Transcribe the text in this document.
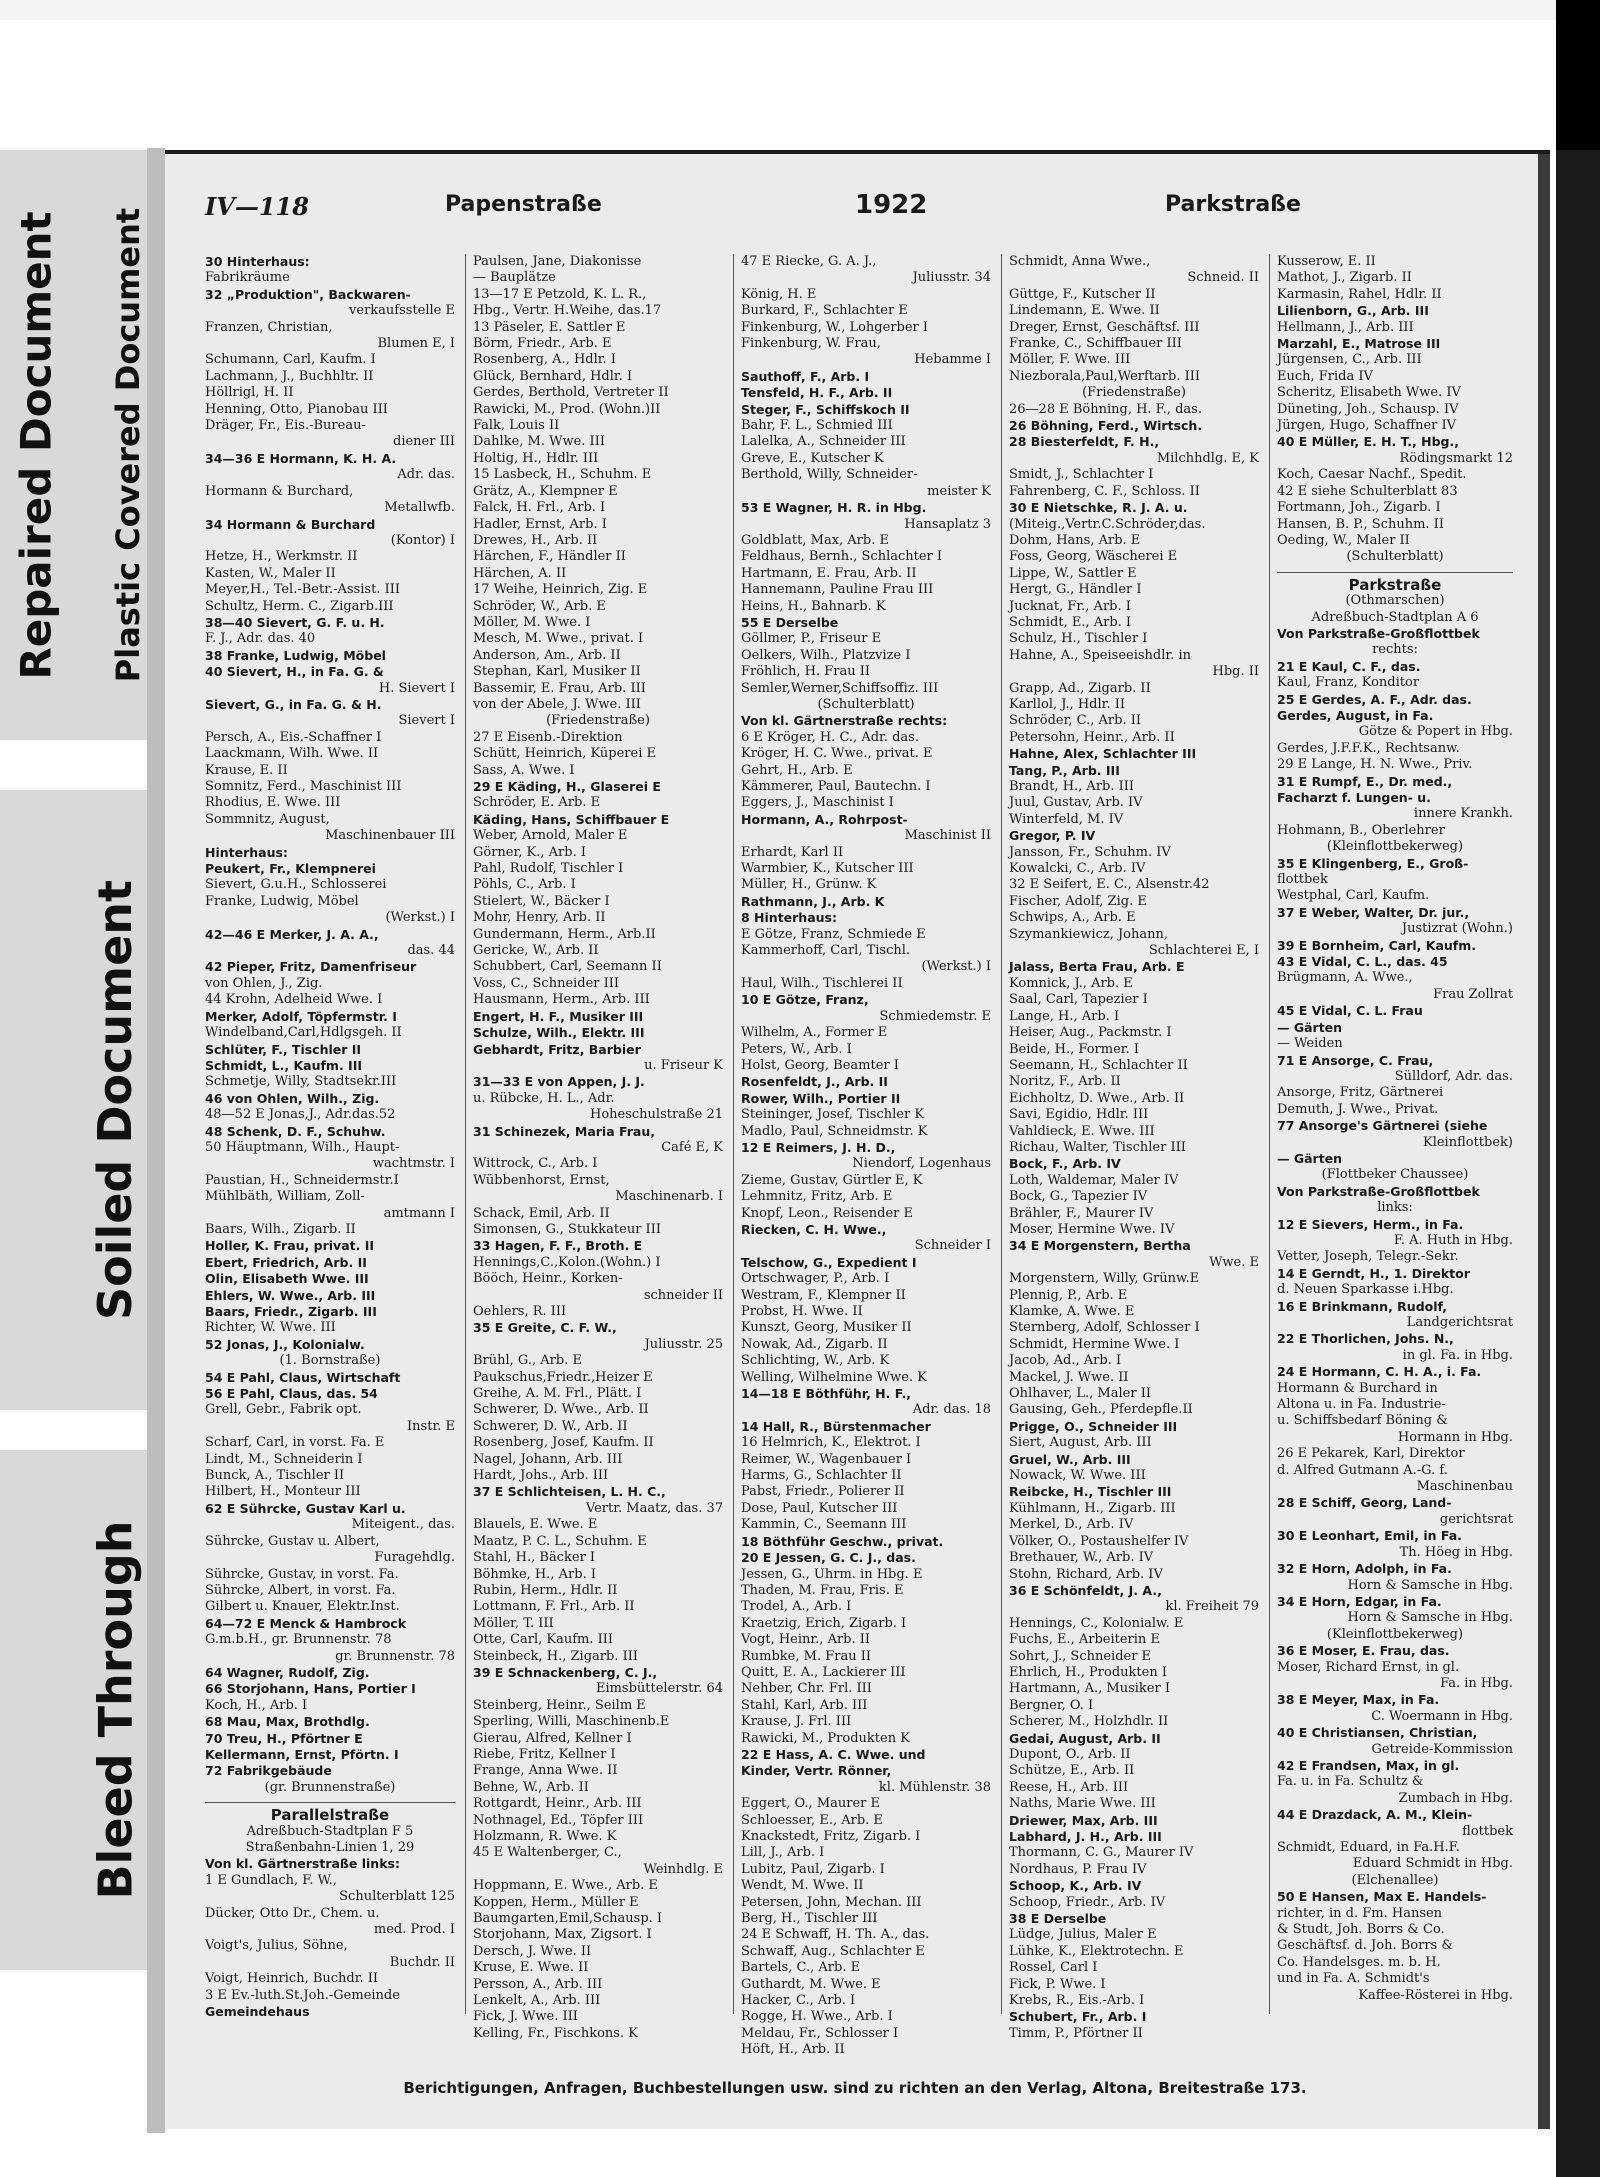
Repaired Document Plastic Covered Document
Soiled Document
Bleed Through
IV—118	Papenstraße	1922	Parkstraße
30 Hinterhaus:
Fabrikräume
32 „Produktion", Backwaren-
verkaufsstelle E
Franzen, Christian,
Blumen E, I
Schumann, Carl, Kaufm. I
Lachmann, J., Buchhltr. II
Höllrigl, H. II
Henning, Otto, Pianobau III
Dräger, Fr., Eis.-Bureau-
diener III
34—36 E Hormann, K. H. A.
Adr. das.
Hormann & Burchard,
Metallwfb.
34 Hormann & Burchard
(Kontor) I
Hetze, H., Werkmstr. II
Kasten, W., Maler II
Meyer,H., Tel.-Betr.-Assist. III
Schultz, Herm. C., Zigarb.III
38—40 Sievert, G. F. u. H.
F. J., Adr. das. 40
38 Franke, Ludwig, Möbel
40 Sievert, H., in Fa. G. &
H. Sievert I
Sievert, G., in Fa. G. & H.
Sievert I
Persch, A., Eis.-Schaffner I
Laackmann, Wilh. Wwe. II
Krause, E. II
Somnitz, Ferd., Maschinist III
Rhodius, E. Wwe. III
Sommnitz, August,
Maschinenbauer III
Hinterhaus:
Peukert, Fr., Klempnerei
Sievert, G.u.H., Schlosserei
Franke, Ludwig, Möbel
(Werkst.) I
42—46 E Merker, J. A. A.,
das. 44
42 Pieper, Fritz, Damenfriseur
von Ohlen, J., Zig.
44 Krohn, Adelheid Wwe. I
Merker, Adolf, Töpfermstr. I
Windelband,Carl,Hdlgsgeh. II
Schlüter, F., Tischler II
Schmidt, L., Kaufm. III
Schmetje, Willy, Stadtsekr.III
46 von Ohlen, Wilh., Zig.
48—52 E Jonas,J., Adr.das.52
48 Schenk, D. F., Schuhw.
50 Häuptmann, Wilh., Haupt-
wachtmstr. I
Paustian, H., Schneidermstr.I
Mühlbäth, William, Zoll-
amtmann I
Baars, Wilh., Zigarb. II
Holler, K. Frau, privat. II
Ebert, Friedrich, Arb. II
Olin, Elisabeth Wwe. III
Ehlers, W. Wwe., Arb. III
Baars, Friedr., Zigarb. III
Richter, W. Wwe. III
52 Jonas, J., Kolonialw.
(1. Bornstraße)
54 E Pahl, Claus, Wirtschaft
56 E Pahl, Claus, das. 54
Grell, Gebr., Fabrik opt.
Instr. E
Scharf, Carl, in vorst. Fa. E
Lindt, M., Schneiderin I
Bunck, A., Tischler II
Hilbert, H., Monteur III
62 E Sührcke, Gustav Karl u.
Miteigent., das.
Sührcke, Gustav u. Albert,
Furagehdlg.
Sührcke, Gustav, in vorst. Fa.
Sührcke, Albert, in vorst. Fa.
Gilbert u. Knauer, Elektr.Inst.
64—72 E Menck & Hambrock
G.m.b.H., gr. Brunnenstr. 78
gr. Brunnenstr. 78
64 Wagner, Rudolf, Zig.
66 Storjohann, Hans, Portier I
Koch, H., Arb. I
68 Mau, Max, Brothdlg.
70 Treu, H., Pförtner E
Kellermann, Ernst, Pförtn. I
72 Fabrikgebäude
(gr. Brunnenstraße)
Parallelstraße
Adreßbuch-Stadtplan F 5
Straßenbahn-Linien 1, 29
Von kl. Gärtnerstraße links:
1 E Gundlach, F. W.,
Schulterblatt 125
Dücker, Otto Dr., Chem. u.
med. Prod. I
Voigt's, Julius, Söhne,
Buchdr. II
Voigt, Heinrich, Buchdr. II
3 E Ev.-luth.St.Joh.-Gemeinde
Gemeindehaus
Paulsen, Jane, Diakonisse
— Bauplätze
13—17 E Petzold, K. L. R.,
Hbg., Vertr. H.Weihe, das.17
13 Päseler, E. Sattler E
Börm, Friedr., Arb. E
Rosenberg, A., Hdlr. I
Glück, Bernhard, Hdlr. I
Gerdes, Berthold, Vertreter II
Rawicki, M., Prod. (Wohn.)II
Falk, Louis II
Dahlke, M. Wwe. III
Holtig, H., Hdlr. III
15 Lasbeck, H., Schuhm. E
Grätz, A., Klempner E
Falck, H. Frl., Arb. I
Hadler, Ernst, Arb. I
Drewes, H., Arb. II
Härchen, F., Händler II
Härchen, A. II
17 Weihe, Heinrich, Zig. E
Schröder, W., Arb. E
Möller, M. Wwe. I
Mesch, M. Wwe., privat. I
Anderson, Am., Arb. II
Stephan, Karl, Musiker II
Bassemir, E. Frau, Arb. III
von der Abele, J. Wwe. III
(Friedenstraße)
27 E Eisenb.-Direktion
Schütt, Heinrich, Küperei E
Sass, A. Wwe. I
29 E Käding, H., Glaserei E
Schröder, E. Arb. E
Käding, Hans, Schiffbauer E
Weber, Arnold, Maler E
Görner, K., Arb. I
Pahl, Rudolf, Tischler I
Pöhls, C., Arb. I
Stielert, W., Bäcker I
Mohr, Henry, Arb. II
Gundermann, Herm., Arb.II
Gericke, W., Arb. II
Schubbert, Carl, Seemann II
Voss, C., Schneider III
Hausmann, Herm., Arb. III
Engert, H. F., Musiker III
Schulze, Wilh., Elektr. III
Gebhardt, Fritz, Barbier
u. Friseur K
31—33 E von Appen, J. J.
u. Rübcke, H. L., Adr.
Hoheschulstraße 21
31 Schinezek, Maria Frau,
Café E, K
Wittrock, C., Arb. I
Wübbenhorst, Ernst,
Maschinenarb. I
Schack, Emil, Arb. II
Simonsen, G., Stukkateur III
33 Hagen, F. F., Broth. E
Hennings,C.,Kolon.(Wohn.) I
Bööch, Heinr., Korken-
schneider II
Oehlers, R. III
35 E Greite, C. F. W.,
Juliusstr. 25
Brühl, G., Arb. E
Paukschus,Friedr.,Heizer E
Greihe, A. M. Frl., Plätt. I
Schwerer, D. Wwe., Arb. II
Schwerer, D. W., Arb. II
Rosenberg, Josef, Kaufm. II
Nagel, Johann, Arb. III
Hardt, Johs., Arb. III
37 E Schlichteisen, L. H. C.,
Vertr. Maatz, das. 37
Blauels, E. Wwe. E
Maatz, P. C. L., Schuhm. E
Stahl, H., Bäcker I
Böhmke, H., Arb. I
Rubin, Herm., Hdlr. II
Lottmann, F. Frl., Arb. II
Möller, T. III
Otte, Carl, Kaufm. III
Steinbeck, H., Zigarb. III
39 E Schnackenberg, C. J.,
Eimsbüttelerstr. 64
Steinberg, Heinr., Seilm E
Sperling, Willi, Maschinenb.E
Gierau, Alfred, Kellner I
Riebe, Fritz, Kellner I
Frange, Anna Wwe. II
Behne, W., Arb. II
Rottgardt, Heinr., Arb. III
Nothnagel, Ed., Töpfer III
Holzmann, R. Wwe. K
45 E Waltenberger, C.,
Weinhdlg. E
Hoppmann, E. Wwe., Arb. E
Koppen, Herm., Müller E
Baumgarten,Emil,Schausp. I
Storjohann, Max, Zigsort. I
Dersch, J. Wwe. II
Kruse, E. Wwe. II
Persson, A., Arb. III
Lenkelt, A., Arb. III
Fick, J. Wwe. III
Kelling, Fr., Fischkons. K
47 E Riecke, G. A. J.,
Juliusstr. 34
König, H. E
Burkard, F., Schlachter E
Finkenburg, W., Lohgerber I
Finkenburg, W. Frau,
Hebamme I
Sauthoff, F., Arb. I
Tensfeld, H. F., Arb. II
Steger, F., Schiffskoch II
Bahr, F. L., Schmied III
Lalelka, A., Schneider III
Greve, E., Kutscher K
Berthold, Willy, Schneider-
meister K
53 E Wagner, H. R. in Hbg.
Hansaplatz 3
Goldblatt, Max, Arb. E
Feldhaus, Bernh., Schlachter I
Hartmann, E. Frau, Arb. II
Hannemann, Pauline Frau III
Heins, H., Bahnarb. K
55 E Derselbe
Göllmer, P., Friseur E
Oelkers, Wilh., Platzvize I
Fröhlich, H. Frau II
Semler,Werner,Schiffsoffiz. III
(Schulterblatt)
Von kl. Gärtnerstraße rechts:
6 E Kröger, H. C., Adr. das.
Kröger, H. C. Wwe., privat. E
Gehrt, H., Arb. E
Kämmerer, Paul, Bautechn. I
Eggers, J., Maschinist I
Hormann, A., Rohrpost-
Maschinist II
Erhardt, Karl II
Warmbier, K., Kutscher III
Müller, H., Grünw. K
Rathmann, J., Arb. K
8 Hinterhaus:
E Götze, Franz, Schmiede E
Kammerhoff, Carl, Tischl.
(Werkst.) I
Haul, Wilh., Tischlerei II
10 E Götze, Franz,
Schmiedemstr. E
Wilhelm, A., Former E
Peters, W., Arb. I
Holst, Georg, Beamter I
Rosenfeldt, J., Arb. II
Rower, Wilh., Portier II
Steininger, Josef, Tischler K
Madlo, Paul, Schneidmstr. K
12 E Reimers, J. H. D.,
Niendorf, Logenhaus
Zieme, Gustav, Gürtler E, K
Lehmnitz, Fritz, Arb. E
Knopf, Leon., Reisender E
Riecken, C. H. Wwe.,
Schneider I
Telschow, G., Expedient I
Ortschwager, P., Arb. I
Westram, F., Klempner II
Probst, H. Wwe. II
Kunszt, Georg, Musiker II
Nowak, Ad., Zigarb. II
Schlichting, W., Arb. K
Welling, Wilhelmine Wwe. K
14—18 E Böthführ, H. F.,
Adr. das. 18
14 Hall, R., Bürstenmacher
16 Helmrich, K., Elektrot. I
Reimer, W., Wagenbauer I
Harms, G., Schlachter II
Pabst, Friedr., Polierer II
Dose, Paul, Kutscher III
Kammin, C., Seemann III
18 Böthführ Geschw., privat.
20 E Jessen, G. C. J., das.
Jessen, G., Uhrm. in Hbg. E
Thaden, M. Frau, Fris. E
Trodel, A., Arb. I
Kraetzig, Erich, Zigarb. I
Vogt, Heinr., Arb. II
Rumbke, M. Frau II
Quitt, E. A., Lackierer III
Nehber, Chr. Frl. III
Stahl, Karl, Arb. III
Krause, J. Frl. III
Rawicki, M., Produkten K
22 E Hass, A. C. Wwe. und
Kinder, Vertr. Rönner,
kl. Mühlenstr. 38
Eggert, O., Maurer E
Schloesser, E., Arb. E
Knackstedt, Fritz, Zigarb. I
Lill, J., Arb. I
Lubitz, Paul, Zigarb. I
Wendt, M. Wwe. II
Petersen, John, Mechan. III
Berg, H., Tischler III
24 E Schwaff, H. Th. A., das.
Schwaff, Aug., Schlachter E
Bartels, C., Arb. E
Guthardt, M. Wwe. E
Hacker, C., Arb. I
Rogge, H. Wwe., Arb. I
Meldau, Fr., Schlosser I
Höft, H., Arb. II
Schmidt, Anna Wwe.,
Schneid. II
Güttge, F., Kutscher II
Lindemann, E. Wwe. II
Dreger, Ernst, Geschäftsf. III
Franke, C., Schiffbauer III
Möller, F. Wwe. III
Niezborala,Paul,Werftarb. III
(Friedenstraße)
26—28 E Böhning, H. F., das.
26 Böhning, Ferd., Wirtsch.
28 Biesterfeldt, F. H.,
Milchhdlg. E, K
Smidt, J., Schlachter I
Fahrenberg, C. F., Schloss. II
30 E Nietschke, R. J. A. u.
(Miteig.,Vertr.C.Schröder,das.
Dohm, Hans, Arb. E
Foss, Georg, Wäscherei E
Lippe, W., Sattler E
Hergt, G., Händler I
Jucknat, Fr., Arb. I
Schmidt, E., Arb. I
Schulz, H., Tischler I
Hahne, A., Speiseeishdlr. in
Hbg. II
Grapp, Ad., Zigarb. II
Karllol, J., Hdlr. II
Schröder, C., Arb. II
Petersohn, Heinr., Arb. II
Hahne, Alex, Schlachter III
Tang, P., Arb. III
Brandt, H., Arb. III
Juul, Gustav, Arb. IV
Winterfeld, M. IV
Gregor, P. IV
Jansson, Fr., Schuhm. IV
Kowalcki, C., Arb. IV
32 E Seifert, E. C., Alsenstr.42
Fischer, Adolf, Zig. E
Schwips, A., Arb. E
Szymankiewicz, Johann,
Schlachterei E, I
Jalass, Berta Frau, Arb. E
Komnick, J., Arb. E
Saal, Carl, Tapezier I
Lange, H., Arb. I
Heiser, Aug., Packmstr. I
Beide, H., Former. I
Seemann, H., Schlachter II
Noritz, F., Arb. II
Eichholtz, D. Wwe., Arb. II
Savi, Egidio, Hdlr. III
Vahldieck, E. Wwe. III
Richau, Walter, Tischler III
Bock, F., Arb. IV
Loth, Waldemar, Maler IV
Bock, G., Tapezier IV
Brähler, F., Maurer IV
Moser, Hermine Wwe. IV
34 E Morgenstern, Bertha
Wwe. E
Morgenstern, Willy, Grünw.E
Plennig, P., Arb. E
Klamke, A. Wwe. E
Sternberg, Adolf, Schlosser I
Schmidt, Hermine Wwe. I
Jacob, Ad., Arb. I
Mackel, J. Wwe. II
Ohlhaver, L., Maler II
Gausing, Geh., Pferdepfle.II
Prigge, O., Schneider III
Siert, August, Arb. III
Gruel, W., Arb. III
Nowack, W. Wwe. III
Reibcke, H., Tischler III
Kühlmann, H., Zigarb. III
Merkel, D., Arb. IV
Völker, O., Postaushelfer IV
Brethauer, W., Arb. IV
Stohn, Richard, Arb. IV
36 E Schönfeldt, J. A.,
kl. Freiheit 79
Hennings, C., Kolonialw. E
Fuchs, E., Arbeiterin E
Sohrt, J., Schneider E
Ehrlich, H., Produkten I
Hartmann, A., Musiker I
Bergner, O. I
Scherer, M., Holzhdlr. II
Gedai, August, Arb. II
Dupont, O., Arb. II
Schütze, E., Arb. II
Reese, H., Arb. III
Naths, Marie Wwe. III
Driewer, Max, Arb. III
Labhard, J. H., Arb. III
Thormann, C. G., Maurer IV
Nordhaus, P. Frau IV
Schoop, K., Arb. IV
Schoop, Friedr., Arb. IV
38 E Derselbe
Lüdge, Julius, Maler E
Lühke, K., Elektrotechn. E
Rossel, Carl I
Fick, P. Wwe. I
Krebs, R., Eis.-Arb. I
Schubert, Fr., Arb. I
Timm, P., Pförtner II
Kusserow, E. II
Mathot, J., Zigarb. II
Karmasin, Rahel, Hdlr. II
Lilienborn, G., Arb. III
Hellmann, J., Arb. III
Marzahl, E., Matrose III
Jürgensen, C., Arb. III
Euch, Frida IV
Scheritz, Elisabeth Wwe. IV
Düneting, Joh., Schausp. IV
Jürgen, Hugo, Schaffner IV
40 E Müller, E. H. T., Hbg.,
Rödingsmarkt 12
Koch, Caesar Nachf., Spedit.
42 E siehe Schulterblatt 83
Fortmann, Joh., Zigarb. I
Hansen, B. P., Schuhm. II
Oeding, W., Maler II
(Schulterblatt)
Parkstraße
(Othmarschen)
Adreßbuch-Stadtplan A 6
Von Parkstraße-Großflottbek
rechts:
21 E Kaul, C. F., das.
Kaul, Franz, Konditor
25 E Gerdes, A. F., Adr. das.
Gerdes, August, in Fa.
Götze & Popert in Hbg.
Gerdes, J.F.F.K., Rechtsanw.
29 E Lange, H. N. Wwe., Priv.
31 E Rumpf, E., Dr. med.,
Facharzt f. Lungen- u.
innere Krankh.
Hohmann, B., Oberlehrer
(Kleinflottbekerweg)
35 E Klingenberg, E., Groß-
flottbek
Westphal, Carl, Kaufm.
37 E Weber, Walter, Dr. jur.,
Justizrat (Wohn.)
39 E Bornheim, Carl, Kaufm.
43 E Vidal, C. L., das. 45
Brügmann, A. Wwe.,
Frau Zollrat
45 E Vidal, C. L. Frau
— Gärten
— Weiden
71 E Ansorge, C. Frau,
Sülldorf, Adr. das.
Ansorge, Fritz, Gärtnerei
Demuth, J. Wwe., Privat.
77 Ansorge's Gärtnerei (siehe
Kleinflottbek)
— Gärten
(Flottbeker Chaussee)
Von Parkstraße-Großflottbek
links:
12 E Sievers, Herm., in Fa.
F. A. Huth in Hbg.
Vetter, Joseph, Telegr.-Sekr.
14 E Gerndt, H., 1. Direktor
d. Neuen Sparkasse i.Hbg.
16 E Brinkmann, Rudolf,
Landgerichtsrat
22 E Thorlichen, Johs. N.,
in gl. Fa. in Hbg.
24 E Hormann, C. H. A., i. Fa.
Hormann & Burchard in
Altona u. in Fa. Industrie-
u. Schiffsbedarf Böning &
Hormann in Hbg.
26 E Pekarek, Karl, Direktor
d. Alfred Gutmann A.-G. f.
Maschinenbau
28 E Schiff, Georg, Land-
gerichtsrat
30 E Leonhart, Emil, in Fa.
Th. Höeg in Hbg.
32 E Horn, Adolph, in Fa.
Horn & Samsche in Hbg.
34 E Horn, Edgar, in Fa.
Horn & Samsche in Hbg.
(Kleinflottbekerweg)
36 E Moser, E. Frau, das.
Moser, Richard Ernst, in gl.
Fa. in Hbg.
38 E Meyer, Max, in Fa.
C. Woermann in Hbg.
40 E Christiansen, Christian,
Getreide-Kommission
42 E Frandsen, Max, in gl.
Fa. u. in Fa. Schultz &
Zumbach in Hbg.
44 E Drazdack, A. M., Klein-
flottbek
Schmidt, Eduard, in Fa.H.F.
Eduard Schmidt in Hbg.
(Elchenallee)
50 E Hansen, Max E. Handels-
richter, in d. Fm. Hansen
& Studt, Joh. Borrs & Co.
Geschäftsf. d. Joh. Borrs &
Co. Handelsges. m. b. H.
und in Fa. A. Schmidt's
Kaffee-Rösterei in Hbg.
Berichtigungen, Anfragen, Buchbestellungen usw. sind zu richten an den Verlag, Altona, Breitestraße 173.
